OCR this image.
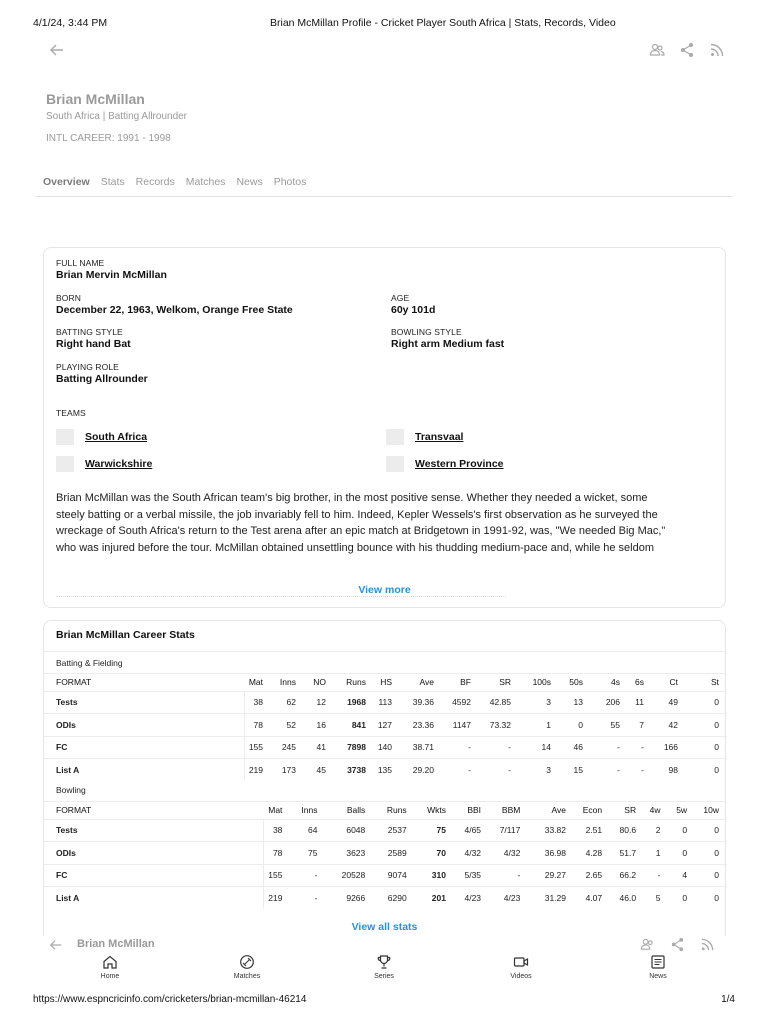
4/1/24, 3:44 PM	Brian McMillan Profile - Cricket Player South Africa | Stats, Records, Video
Brian McMillan
South Africa | Batting Allrounder
INTL CAREER: 1991 - 1998
Overview Stats Records Matches News Photos
FULL NAME
Brian Mervin McMillan
BORN
December 22, 1963, Welkom, Orange Free State
AGE
60y 101d
BATTING STYLE
Right hand Bat
BOWLING STYLE
Right arm Medium fast
PLAYING ROLE
Batting Allrounder
TEAMS
South Africa	Transvaal
Warwickshire	Western Province
Brian McMillan was the South African team's big brother, in the most positive sense. Whether they needed a wicket, some
steely batting or a verbal missile, the job invariably fell to him. Indeed, Kepler Wessels's first observation as he surveyed the
wreckage of South Africa's return to the Test arena after an epic match at Bridgetown in 1991-92, was, "We needed Big Mac,"
who was injured before the tour. McMillan obtained unsettling bounce with his thudding medium-pace and, while he seldom
View more
Brian McMillan Career Stats
Batting & Fielding
FORMAT	Mat	Inns	NO	Runs	HS	Ave	BF	SR	100s	50s	4s	6s	Ct	St
Tests	38	62	12	1968	113	39.36	4592	42.85	3	13	206	11	49	0
ODIs	78	52	16	841	127	23.36	1147	73.32	1	0	55	7	42	0
FC	155	245	41	7898	140	38.71	-	-	14	46	-	-	166	0
List A	219	173	45	3738	135	29.20	-	-	3	15	-	-	98	0
Bowling
FORMAT	Mat	Inns	Balls	Runs	Wkts	BBI	BBM	Ave	Econ	SR	4w	5w	10w
Tests	38	64	6048	2537	75	4/65	7/117	33.82	2.51	80.6	2	0	0
ODIs	78	75	3623	2589	70	4/32	4/32	36.98	4.28	51.7	1	0	0
FC	155	-	20528	9074	310	5/35	-	29.27	2.65	66.2	-	4	0
List A	219	-	9266	6290	201	4/23	4/23	31.29	4.07	46.0	5	0	0
View all stats
Brian McMillan
Home	Matches	Series	Videos	News
https://www.espncricinfo.com/cricketers/brian-mcmillan-46214	1/4
